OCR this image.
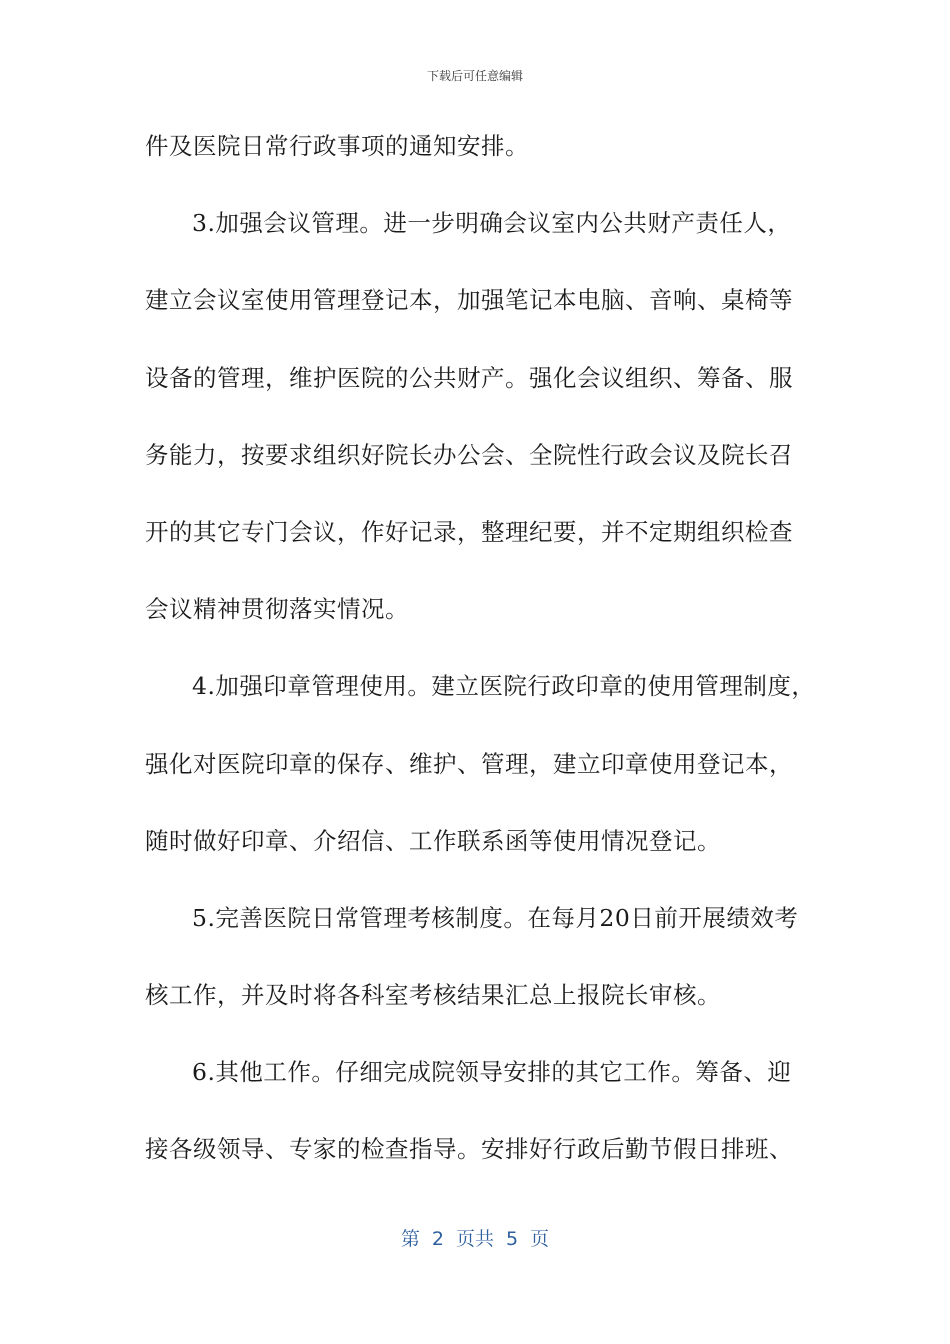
下载后可任意编辑
件及医院日常行政事项的通知安排。
3.加强会议管理。进一步明确会议室内公共财产责任人，
建立会议室使用管理登记本，加强笔记本电脑、音响、桌椅等
设备的管理，维护医院的公共财产。强化会议组织、筹备、服
务能力，按要求组织好院长办公会、全院性行政会议及院长召
开的其它专门会议，作好记录，整理纪要，并不定期组织检查
会议精神贯彻落实情况。
4.加强印章管理使用。建立医院行政印章的使用管理制度，
强化对医院印章的保存、维护、管理，建立印章使用登记本，
随时做好印章、介绍信、工作联系函等使用情况登记。
5.完善医院日常管理考核制度。在每月20日前开展绩效考
核工作，并及时将各科室考核结果汇总上报院长审核。
6.其他工作。仔细完成院领导安排的其它工作。筹备、迎
接各级领导、专家的检查指导。安排好行政后勤节假日排班、
第 2 页共 5 页
